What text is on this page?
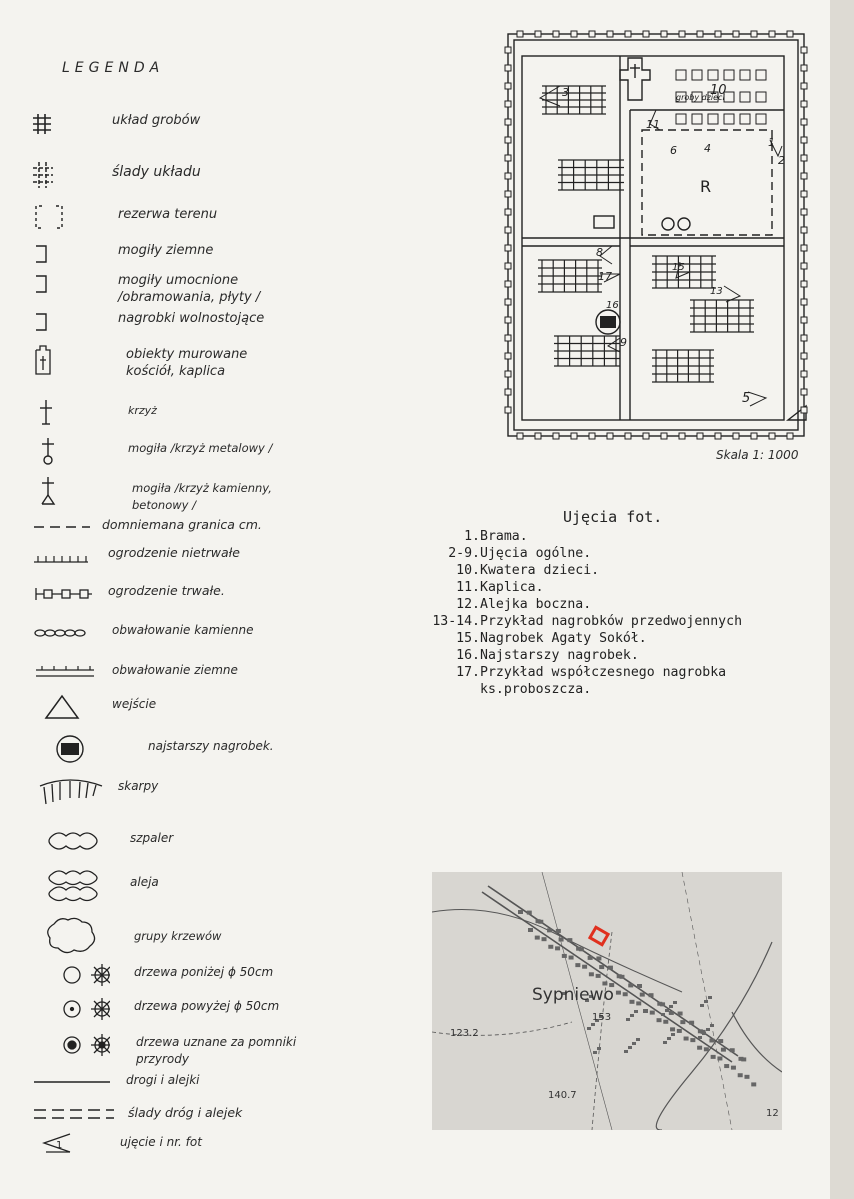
LEGENDA
układ grobów
ślady układu
rezerwa terenu
mogiły ziemne
mogiły umocnione /obramowania, płyty /
nagrobki wolnostojące
obiekty murowane kościół, kaplica
krzyż
mogiła /krzyż metalowy /
mogiła /krzyż kamienny, betonowy /
domniemana granica cm.
ogrodzenie nietrwałe
ogrodzenie trwałe.
obwałowanie kamienne
obwałowanie ziemne
wejście
najstarszy nagrobek.
skarpy
szpaler
aleja
grupy krzewów
drzewa poniżej ϕ 50cm
drzewa powyżej ϕ 50cm
drzewa uznane za pomniki przyrody
drogi i alejki
ślady dróg i alejek
1	ujęcie i nr. fot
3
11
6 4
2
1
10
R
8
17
16
9
15
13
5
groby dzieci
Skala 1: 1000
Ujęcia fot.
1.Brama.
2-9.Ujęcia ogólne.
10.Kwatera dzieci.
11.Kaplica.
12.Alejka boczna.
13-14.Przykład nagrobków przedwojennych
15.Nagrobek Agaty Sokół.
16.Najstarszy nagrobek.
17.Przykład współczesnego nagrobka
ks.proboszcza.
Sypniewo
153
123.2
140.7
12
